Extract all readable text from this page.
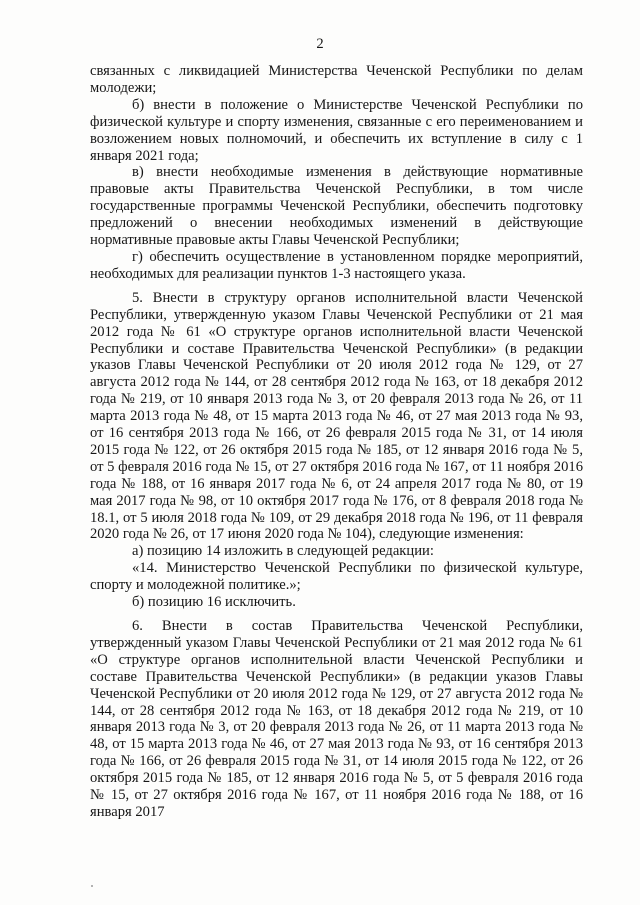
2

связанных с ликвидацией Министерства Чеченской Республики по делам молодежи;

б) внести в положение о Министерстве Чеченской Республики по физической культуре и спорту изменения, связанные с его переименованием и возложением новых полномочий, и обеспечить их вступление в силу с 1 января 2021 года;

в) внести необходимые изменения в действующие нормативные правовые акты Правительства Чеченской Республики, в том числе государственные программы Чеченской Республики, обеспечить подготовку предложений о внесении необходимых изменений в действующие нормативные правовые акты Главы Чеченской Республики;

г) обеспечить осуществление в установленном порядке мероприятий, необходимых для реализации пунктов 1-3 настоящего указа.

5. Внести в структуру органов исполнительной власти Чеченской Республики, утвержденную указом Главы Чеченской Республики от 21 мая 2012 года № 61 «О структуре органов исполнительной власти Чеченской Республики и составе Правительства Чеченской Республики» (в редакции указов Главы Чеченской Республики от 20 июля 2012 года № 129, от 27 августа 2012 года № 144, от 28 сентября 2012 года № 163, от 18 декабря 2012 года № 219, от 10 января 2013 года № 3, от 20 февраля 2013 года № 26, от 11 марта 2013 года № 48, от 15 марта 2013 года № 46, от 27 мая 2013 года № 93, от 16 сентября 2013 года № 166, от 26 февраля 2015 года № 31, от 14 июля 2015 года № 122, от 26 октября 2015 года № 185, от 12 января 2016 года № 5, от 5 февраля 2016 года № 15, от 27 октября 2016 года № 167, от 11 ноября 2016 года № 188, от 16 января 2017 года № 6, от 24 апреля 2017 года № 80, от 19 мая 2017 года № 98, от 10 октября 2017 года № 176, от 8 февраля 2018 года № 18.1, от 5 июля 2018 года № 109, от 29 декабря 2018 года № 196, от 11 февраля 2020 года № 26, от 17 июня 2020 года № 104), следующие изменения:

а) позицию 14 изложить в следующей редакции:

«14. Министерство Чеченской Республики по физической культуре, спорту и молодежной политике.»;

б) позицию 16 исключить.

6. Внести в состав Правительства Чеченской Республики, утвержденный указом Главы Чеченской Республики от 21 мая 2012 года № 61 «О структуре органов исполнительной власти Чеченской Республики и составе Правительства Чеченской Республики» (в редакции указов Главы Чеченской Республики от 20 июля 2012 года № 129, от 27 августа 2012 года № 144, от 28 сентября 2012 года № 163, от 18 декабря 2012 года № 219, от 10 января 2013 года № 3, от 20 февраля 2013 года № 26, от 11 марта 2013 года № 48, от 15 марта 2013 года № 46, от 27 мая 2013 года № 93, от 16 сентября 2013 года № 166, от 26 февраля 2015 года № 31, от 14 июля 2015 года № 122, от 26 октября 2015 года № 185, от 12 января 2016 года № 5, от 5 февраля 2016 года № 15, от 27 октября 2016 года № 167, от 11 ноября 2016 года № 188, от 16 января 2017
